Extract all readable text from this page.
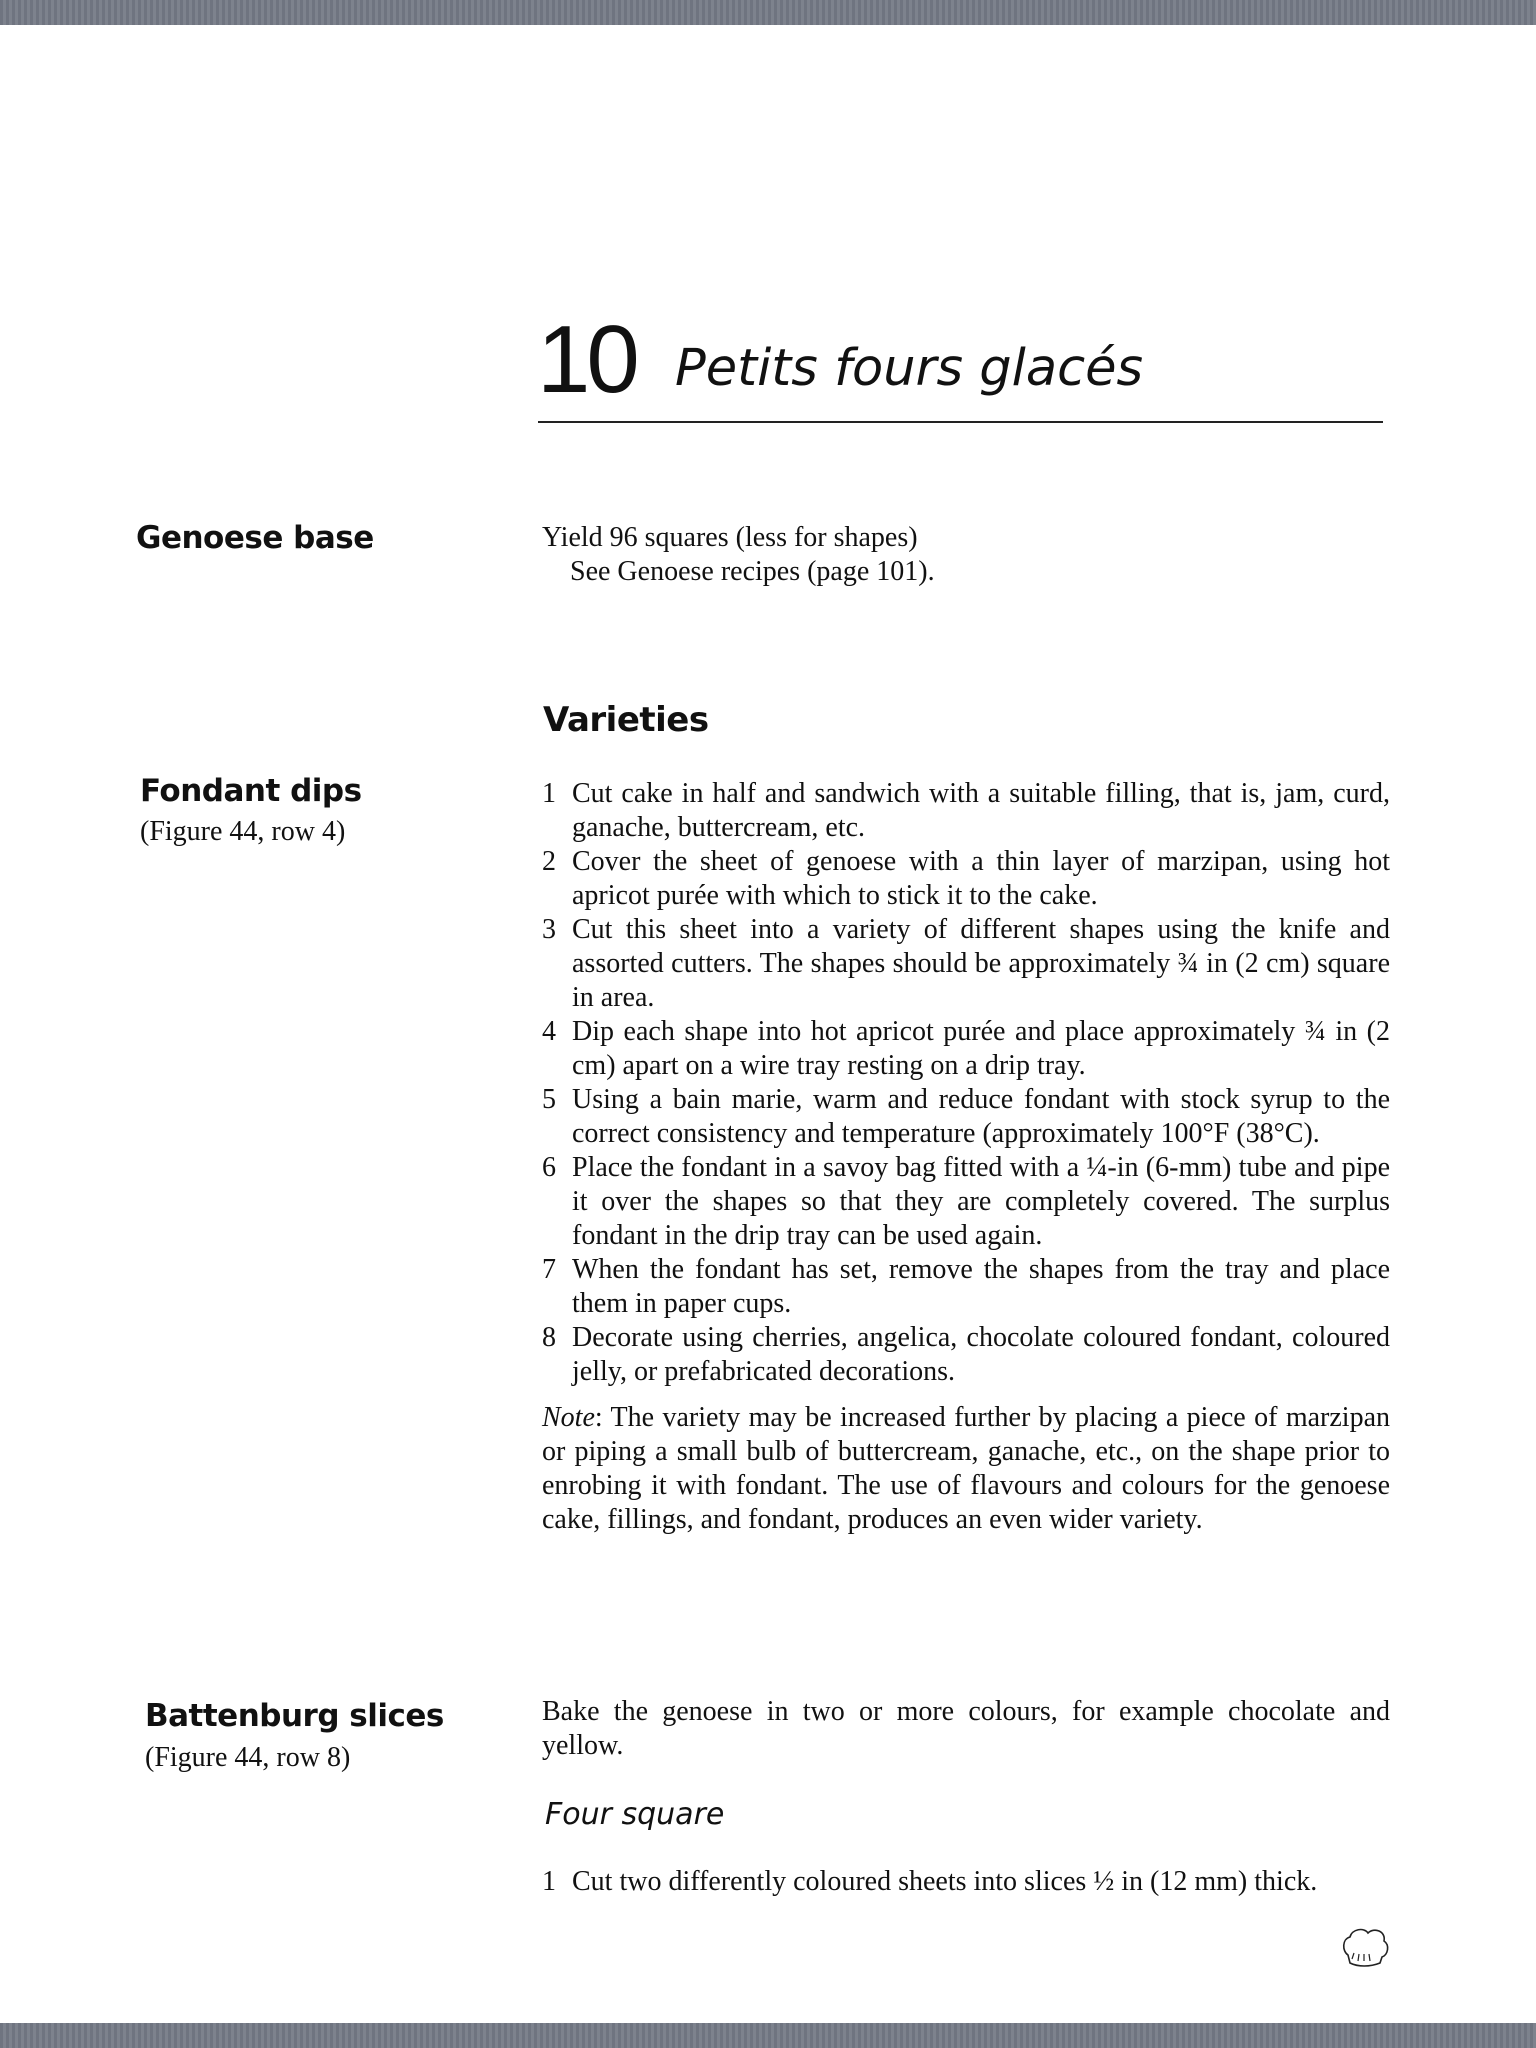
10 Petits fours glacés
Genoese base	Yield 96 squares (less for shapes)
See Genoese recipes (page 101).
Varieties
Fondant dips
(Figure 44, row 4)
1 Cut cake in half and sandwich with a suitable filling, that is, jam, curd, ganache, buttercream, etc.
2 Cover the sheet of genoese with a thin layer of marzipan, using hot apricot purée with which to stick it to the cake.
3 Cut this sheet into a variety of different shapes using the knife and assorted cutters. The shapes should be approximately ¾ in (2 cm) square in area.
4 Dip each shape into hot apricot purée and place approximately ¾ in (2 cm) apart on a wire tray resting on a drip tray.
5 Using a bain marie, warm and reduce fondant with stock syrup to the correct consistency and temperature (approximately 100°F (38°C).
6 Place the fondant in a savoy bag fitted with a ¼-in (6-mm) tube and pipe it over the shapes so that they are completely covered. The surplus fondant in the drip tray can be used again.
7 When the fondant has set, remove the shapes from the tray and place them in paper cups.
8 Decorate using cherries, angelica, chocolate coloured fondant, coloured jelly, or prefabricated decorations.
Note: The variety may be increased further by placing a piece of marzipan or piping a small bulb of buttercream, ganache, etc., on the shape prior to enrobing it with fondant. The use of flavours and colours for the genoese cake, fillings, and fondant, produces an even wider variety.
Battenburg slices
(Figure 44, row 8)
Bake the genoese in two or more colours, for example chocolate and yellow.
Four square
1 Cut two differently coloured sheets into slices ½ in (12 mm) thick.
